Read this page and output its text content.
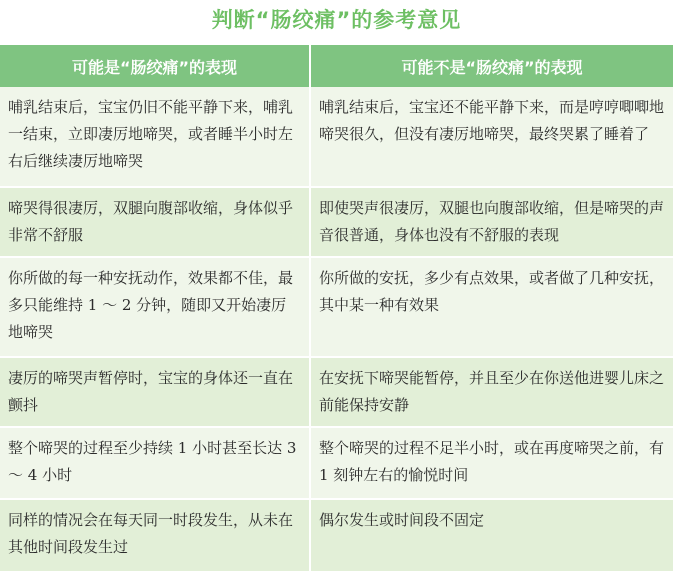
判断“肠绞痛”的参考意见
可能是“肠绞痛”的表现	可能不是“肠绞痛”的表现
哺乳结束后，宝宝仍旧不能平静下来，哺乳一结束，立即凄厉地啼哭，或者睡半小时左右后继续凄厉地啼哭	哺乳结束后，宝宝还不能平静下来，而是哼哼唧唧地啼哭很久，但没有凄厉地啼哭，最终哭累了睡着了
啼哭得很凄厉，双腿向腹部收缩，身体似乎非常不舒服	即使哭声很凄厉，双腿也向腹部收缩，但是啼哭的声音很普通，身体也没有不舒服的表现
你所做的每一种安抚动作，效果都不佳，最多只能维持 1 ～ 2 分钟，随即又开始凄厉地啼哭	你所做的安抚，多少有点效果，或者做了几种安抚，其中某一种有效果
凄厉的啼哭声暂停时，宝宝的身体还一直在颤抖	在安抚下啼哭能暂停，并且至少在你送他进婴儿床之前能保持安静
整个啼哭的过程至少持续 1 小时甚至长达 3 ～ 4 小时	整个啼哭的过程不足半小时，或在再度啼哭之前，有 1 刻钟左右的愉悦时间
同样的情况会在每天同一时段发生，从未在其他时间段发生过	偶尔发生或时间段不固定
